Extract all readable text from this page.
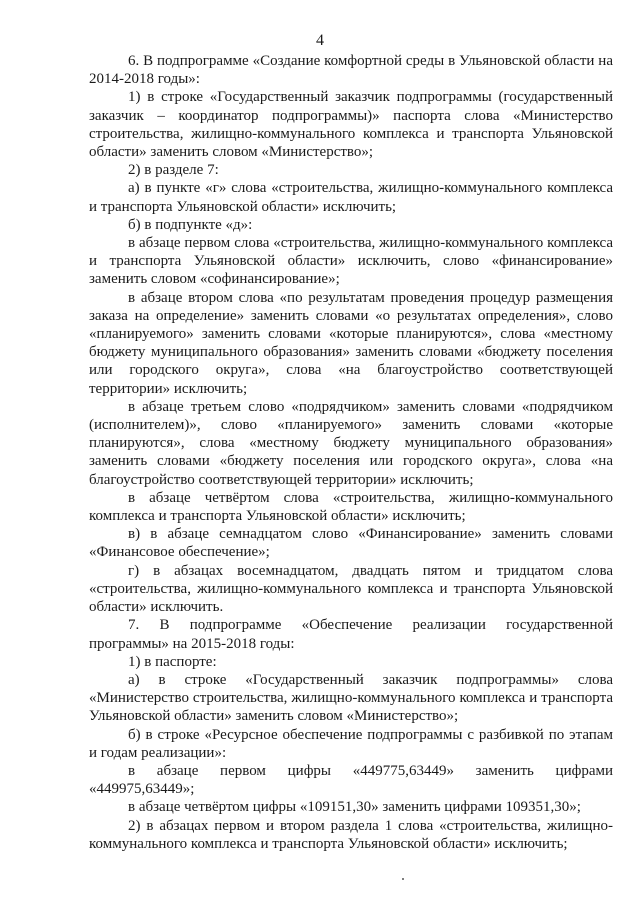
4

6. В подпрограмме «Создание комфортной среды в Ульяновской области на 2014-2018 годы»:

1) в строке «Государственный заказчик подпрограммы (государственный заказчик – координатор подпрограммы)» паспорта слова «Министерство строительства, жилищно-коммунального комплекса и транспорта Ульяновской области» заменить словом «Министерство»;

2) в разделе 7:

а) в пункте «г» слова «строительства, жилищно-коммунального комплекса и транспорта Ульяновской области» исключить;

б) в подпункте «д»:

в абзаце первом слова «строительства, жилищно-коммунального комплекса и транспорта Ульяновской области» исключить, слово «финансирование» заменить словом «софинансирование»;

в абзаце втором слова «по результатам проведения процедур размещения заказа на определение» заменить словами «о результатах определения», слово «планируемого» заменить словами «которые планируются», слова «местному бюджету муниципального образования» заменить словами «бюджету поселения или городского округа», слова «на благоустройство соответствующей территории» исключить;

в абзаце третьем слово «подрядчиком» заменить словами «подрядчиком (исполнителем)», слово «планируемого» заменить словами «которые планируются», слова «местному бюджету муниципального образования» заменить словами «бюджету поселения или городского округа», слова «на благоустройство соответствующей территории» исключить;

в абзаце четвёртом слова «строительства, жилищно-коммунального комплекса и транспорта Ульяновской области» исключить;

в) в абзаце семнадцатом слово «Финансирование» заменить словами «Финансовое обеспечение»;

г) в абзацах восемнадцатом, двадцать пятом и тридцатом слова «строительства, жилищно-коммунального комплекса и транспорта Ульяновской области» исключить.

7. В подпрограмме «Обеспечение реализации государственной программы» на 2015-2018 годы:

1) в паспорте:

а) в строке «Государственный заказчик подпрограммы» слова «Министерство строительства, жилищно-коммунального комплекса и транспорта Ульяновской области» заменить словом «Министерство»;

б) в строке «Ресурсное обеспечение подпрограммы с разбивкой по этапам и годам реализации»:

в абзаце первом цифры «449775,63449» заменить цифрами «449975,63449»;

в абзаце четвёртом цифры «109151,30» заменить цифрами 109351,30»;

2) в абзацах первом и втором раздела 1 слова «строительства, жилищно-коммунального комплекса и транспорта Ульяновской области» исключить;
